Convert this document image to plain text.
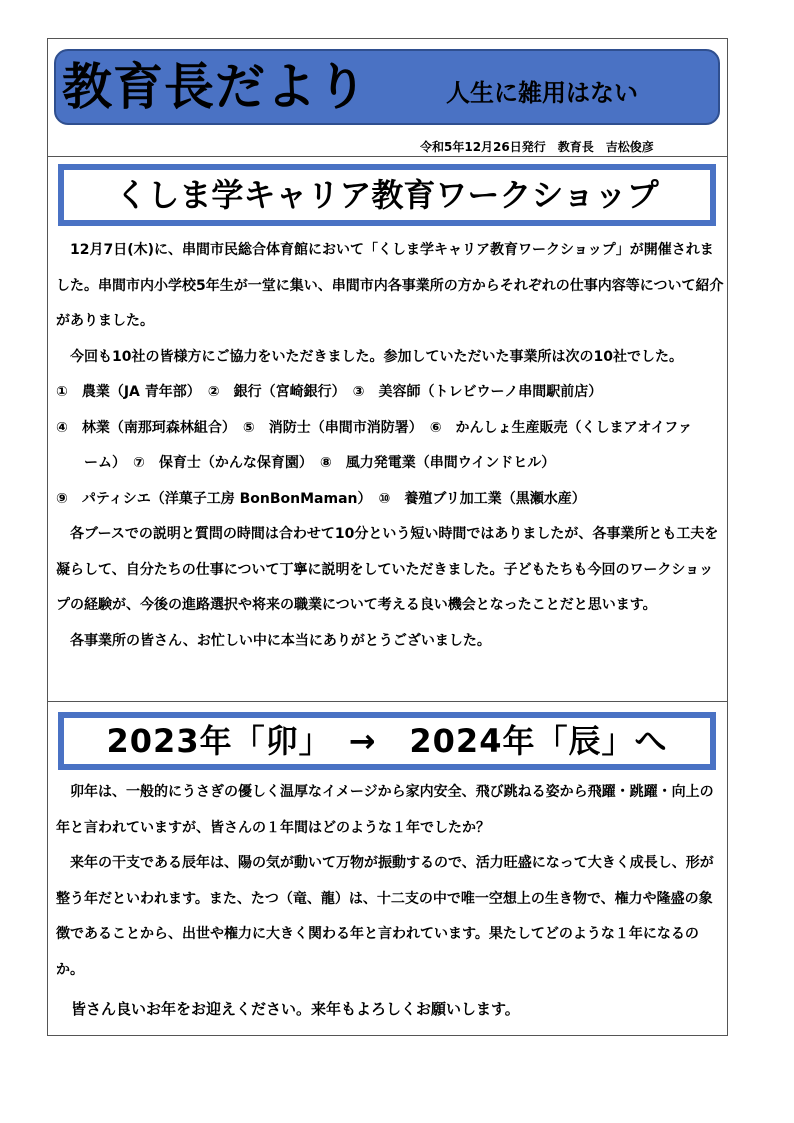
教育長だより	人生に雑用はない
令和5年12月26日発行　教育長　吉松俊彦
くしま学キャリア教育ワークショップ

12月7日(木)に、串間市民総合体育館において「くしま学キャリア教育ワークショップ」が開催されました。串間市内小学校5年生が一堂に集い、串間市内各事業所の方からそれぞれの仕事内容等について紹介がありました。

今回も10社の皆様方にご協力をいただきました。参加していただいた事業所は次の10社でした。

①　農業（JA 青年部）　②　銀行（宮崎銀行）　③　美容師（トレビウーノ串間駅前店）

④　林業（南那珂森林組合）　⑤　消防士（串間市消防署）　⑥　かんしょ生産販売（くしまアオイファ

ーム）　⑦　保育士（かんな保育園）　⑧　風力発電業（串間ウインドヒル）

⑨　パティシエ（洋菓子工房 BonBonMaman）　⑩　養殖ブリ加工業（黒瀬水産）

各ブースでの説明と質問の時間は合わせて10分という短い時間ではありましたが、各事業所とも工夫を凝らして、自分たちの仕事について丁寧に説明をしていただきました。子どもたちも今回のワークショップの経験が、今後の進路選択や将来の職業について考える良い機会となったことだと思います。

各事業所の皆さん、お忙しい中に本当にありがとうございました。

2023年「卯」　→　2024年「辰」へ

卯年は、一般的にうさぎの優しく温厚なイメージから家内安全、飛び跳ねる姿から飛躍・跳躍・向上の年と言われていますが、皆さんの１年間はどのような１年でしたか？

来年の干支である辰年は、陽の気が動いて万物が振動するので、活力旺盛になって大きく成長し、形が整う年だといわれます。また、たつ（竜、龍）は、十二支の中で唯一空想上の生き物で、権力や隆盛の象徴であることから、出世や権力に大きく関わる年と言われています。果たしてどのような１年になるのか。

皆さん良いお年をお迎えください。来年もよろしくお願いします。
